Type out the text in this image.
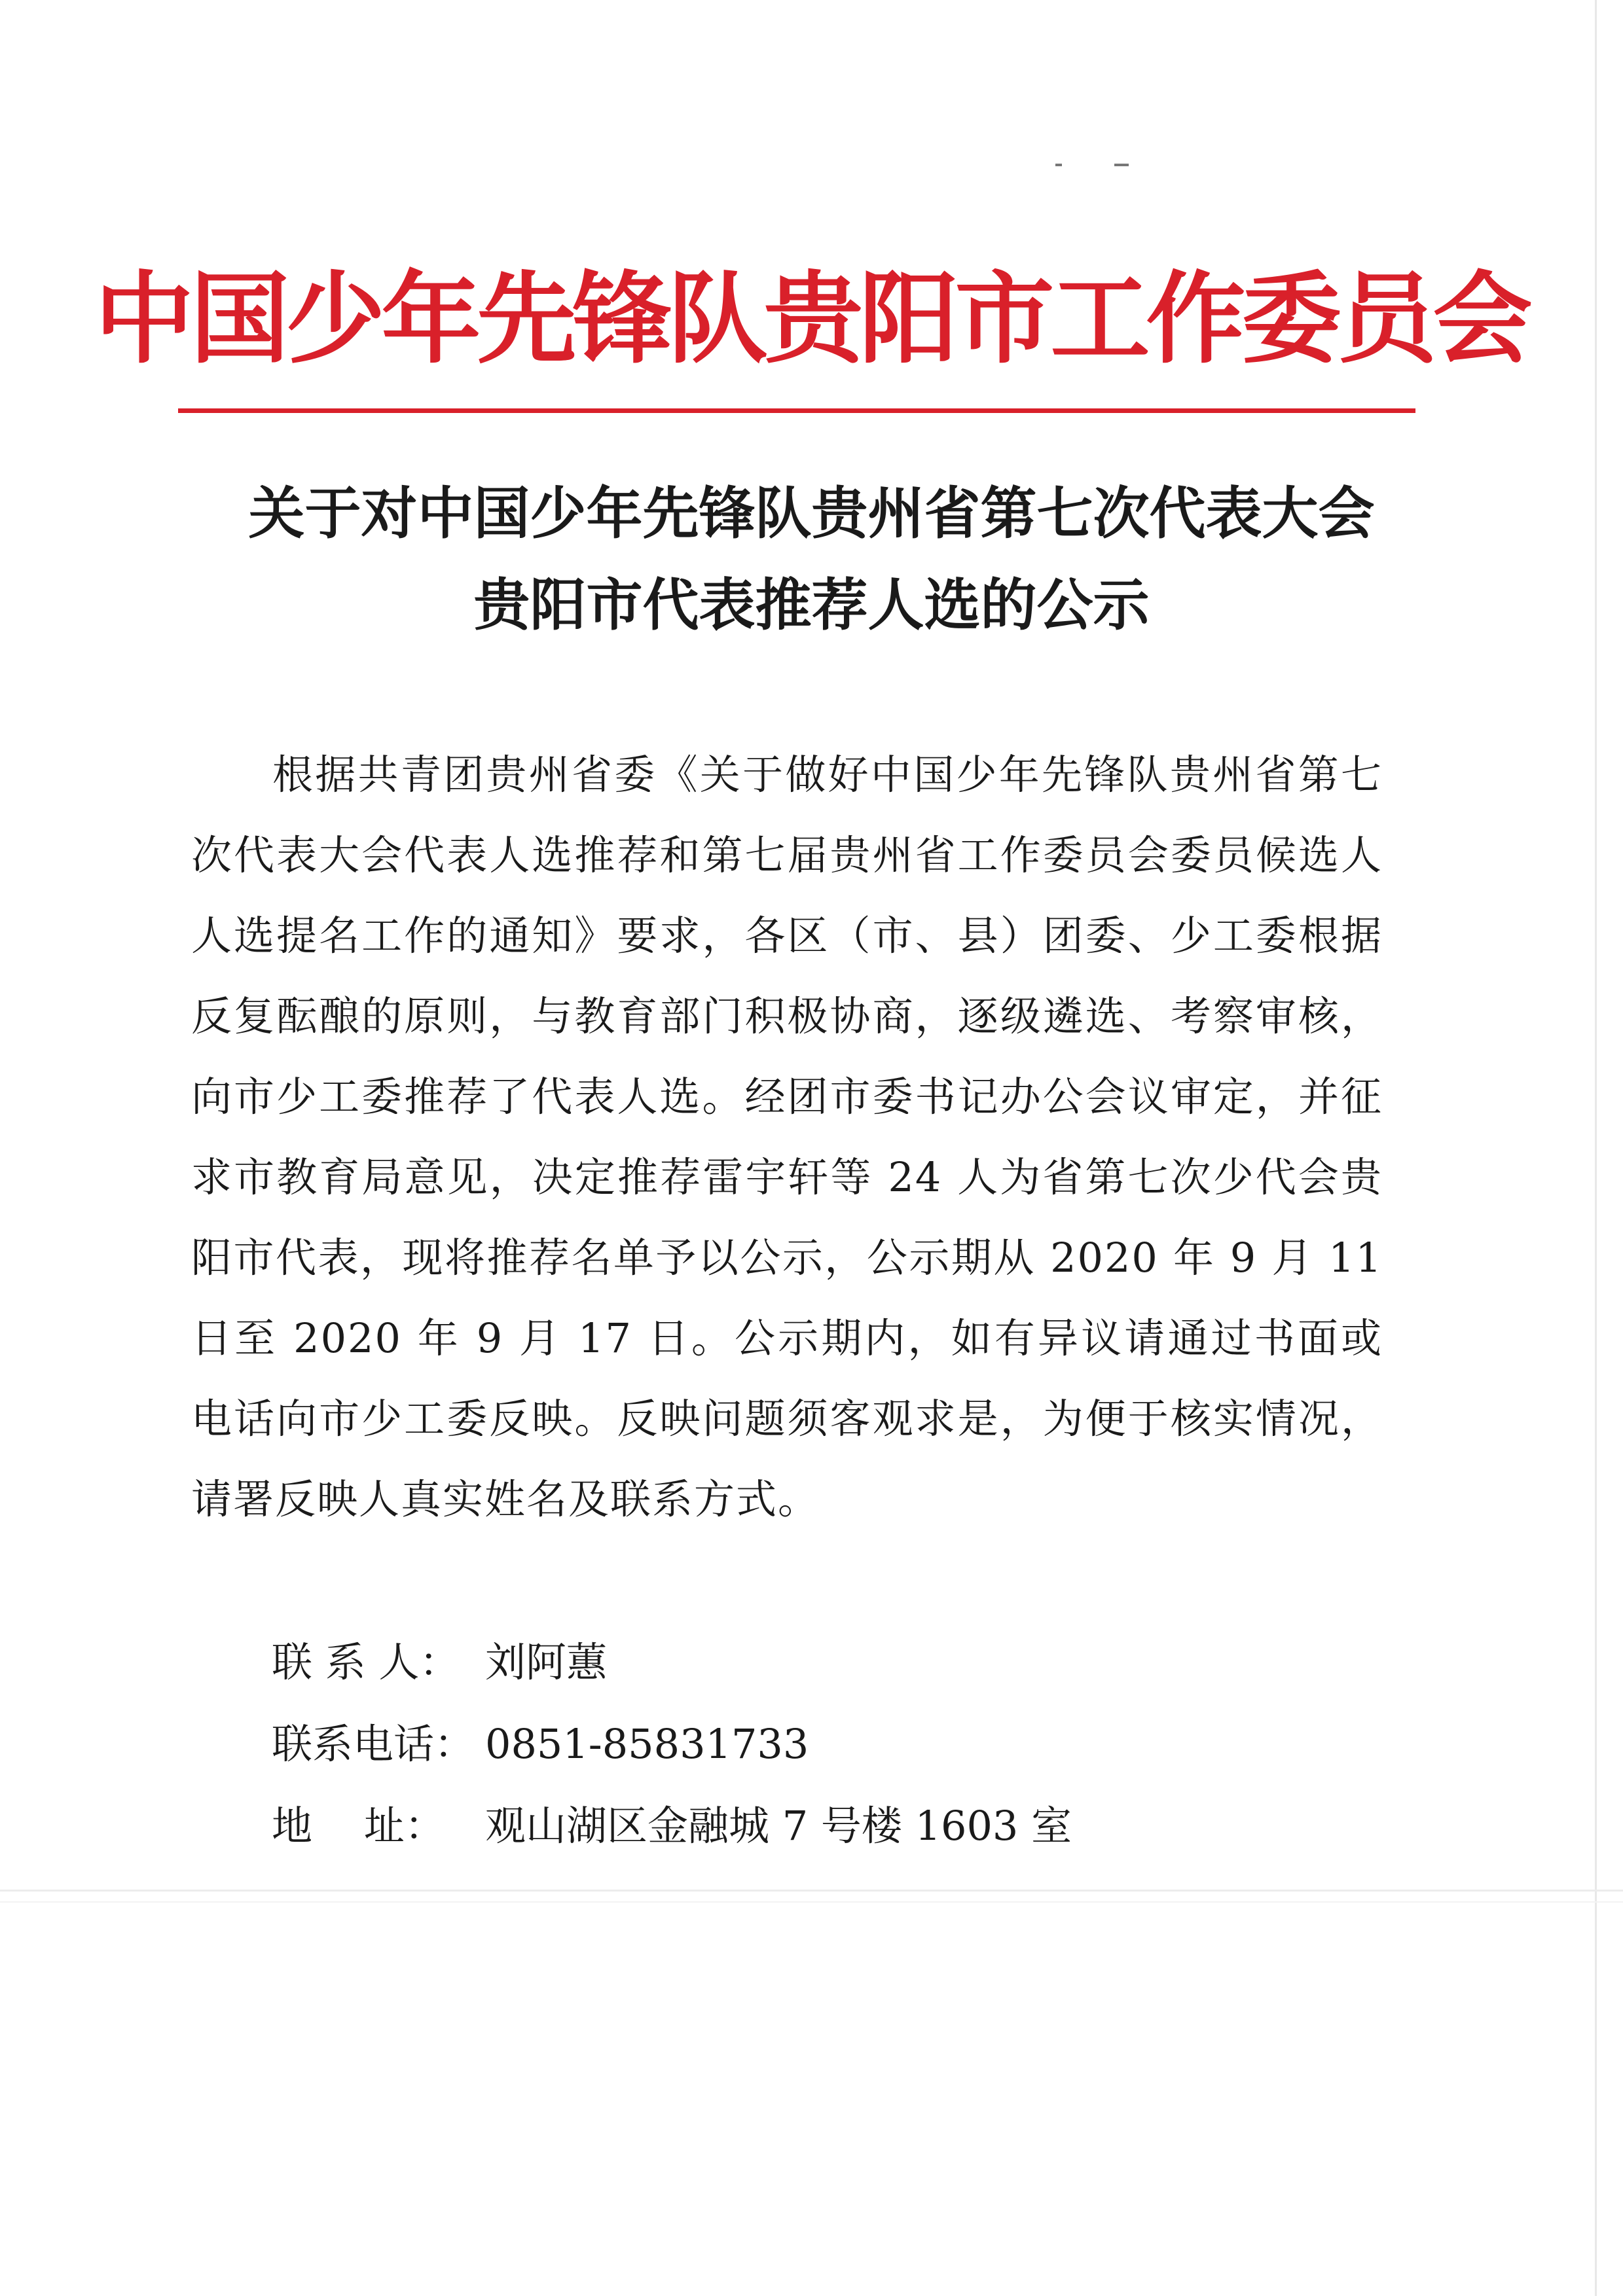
中国少年先锋队贵阳市工作委员会
关于对中国少年先锋队贵州省第七次代表大会
贵阳市代表推荐人选的公示
根据共青团贵州省委《关于做好中国少年先锋队贵州省第七次代表大会代表人选推荐和第七届贵州省工作委员会委员候选人人选提名工作的通知》要求，各区（市、县）团委、少工委根据反复酝酿的原则，与教育部门积极协商，逐级遴选、考察审核，向市少工委推荐了代表人选。经团市委书记办公会议审定，并征求市教育局意见，决定推荐雷宇轩等 24 人为省第七次少代会贵阳市代表，现将推荐名单予以公示，公示期从 2020 年 9 月 11 日至 2020 年 9 月 17 日。公示期内，如有异议请通过书面或电话向市少工委反映。反映问题须客观求是，为便于核实情况，请署反映人真实姓名及联系方式。
联 系 人： 刘阿蕙
联系电话： 0851-85831733
地    址： 观山湖区金融城 7 号楼 1603 室
